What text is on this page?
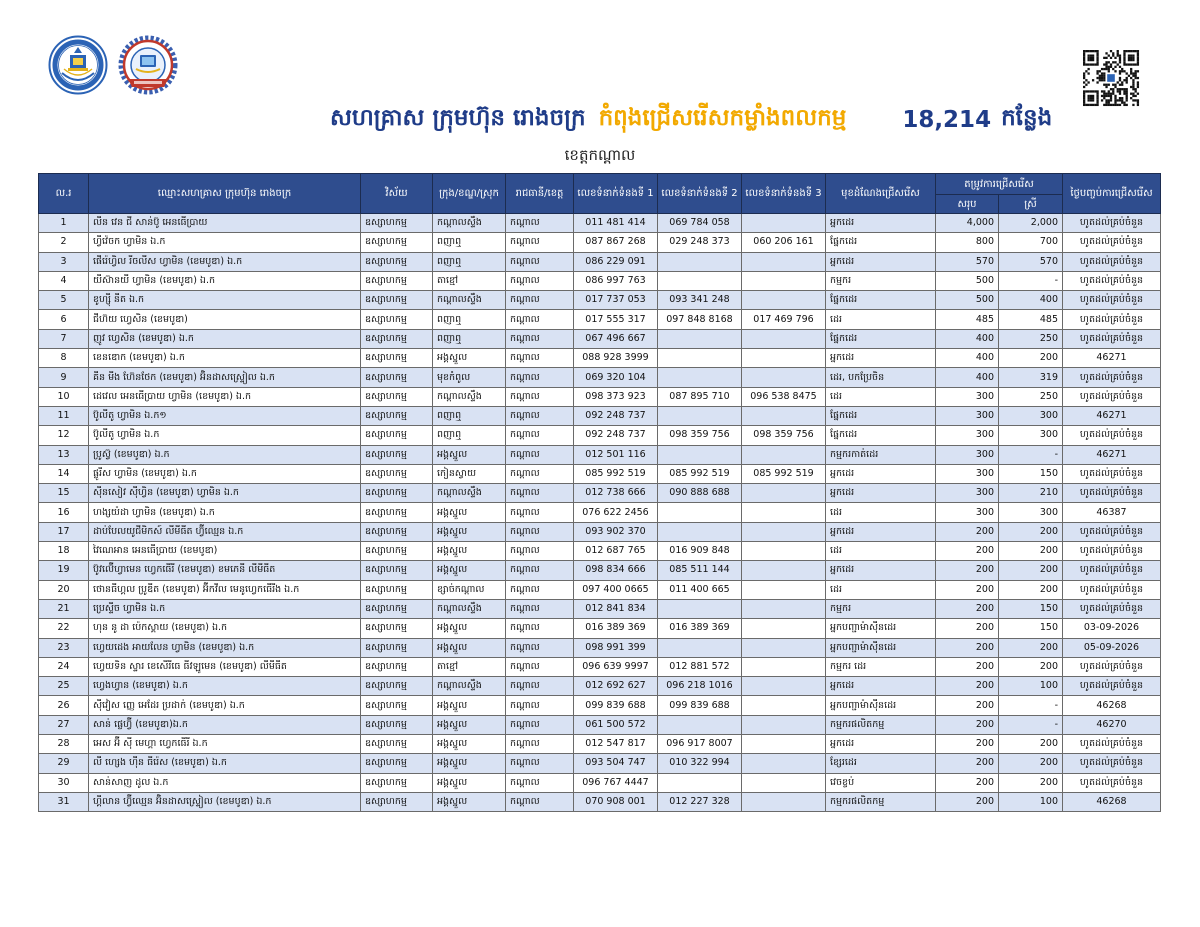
សហគ្រាស ក្រុមហ៊ុន រោងចក្រ កំពុងជ្រើសរើសកម្លាំងពលកម្ម 18,214 កន្លែង
ខេត្តកណ្ដាល
ល.រ	ឈ្មោះសហគ្រាស ក្រុមហ៊ុន រោងចក្រ	វិស័យ	ក្រុង/ខណ្ឌ/ស្រុក	រាជធានី/ខេត្ត	លេខទំនាក់ទំនងទី 1	លេខទំនាក់ទំនងទី 2	លេខទំនាក់ទំនងទី 3	មុខដំណែងជ្រើសរើស	តម្រូវការជ្រើសរើស		ថ្ងៃបញ្ចប់ការជ្រើសរើស
									សរុប	ស្រី	
1	លីន វេន ជី សាន់ប៊ូ អេនធើប្រាយ	ឧស្សាហកម្ម	កណ្ដាលស្ទឹង	កណ្ដាល	011 481 414	069 784 058		អ្នកដេរ	4,000	2,000	ហូតដល់គ្រប់ចំនួន
2	ហ្វីវ៉េចក ហ្វាមិន ឯ.ក	ឧស្សាហកម្ម	ពញាឮ	កណ្ដាល	087 867 268	029 248 373	060 206 161	ផ្នែកដេរ	800	700	ហូតដល់គ្រប់ចំនួន
3	ផើរ៉េហ្វិល រីចលីស ហ្វាមិន (ខេមបូឌា) ឯ.ក	ឧស្សាហកម្ម	ពញាឮ	កណ្ដាល	086 229 091			អ្នកដេរ	570	570	ហូតដល់គ្រប់ចំនួន
4	យីស៊ានយី ហ្វាមិន (ខេមបូឌា) ឯ.ក	ឧស្សាហកម្ម	តាខ្មៅ	កណ្ដាល	086 997 763			កម្មករ	500	-	ហូតដល់គ្រប់ចំនួន
5	ខូហ្ស៊ី នីត ឯ.ក	ឧស្សាហកម្ម	កណ្ដាលស្ទឹង	កណ្ដាល	017 737 053	093 341 248		ផ្នែកដេរ	500	400	ហូតដល់គ្រប់ចំនួន
6	ជីហ៊យ ហ្វេសិន (ខេមបូឌា)	ឧស្សាហកម្ម	ពញាឮ	កណ្ដាល	017 555 317	097 848 8168	017 469 796	ដេរ	485	485	ហូតដល់គ្រប់ចំនួន
7	ញូវ ហ្វេសិន (ខេមបូឌា) ឯ.ក	ឧស្សាហកម្ម	ពញាឮ	កណ្ដាល	067 496 667			ផ្នែកដេរ	400	250	ហូតដល់គ្រប់ចំនួន
8	ខេនឌោក (ខេមបូឌា) ឯ.ក	ឧស្សាហកម្ម	អង្គស្នួល	កណ្ដាល	088 928 3999			អ្នកដេរ	400	200	46271
9	គីន មីង ហ៊ែនថែក (ខេមបូឌា) អ៊ិនដាសស្ទ្រៀល ឯ.ក	ឧស្សាហកម្ម	មុខកំពូល	កណ្ដាល	069 320 104			ដេរ, បកប្រែចិន	400	319	ហូតដល់គ្រប់ចំនួន
10	ដេវេល អេនធើប្រាយ ហ្វាមិន (ខេមបូឌា) ឯ.ក	ឧស្សាហកម្ម	កណ្ដាលស្ទឹង	កណ្ដាល	098 373 923	087 895 710	096 538 8475	ដេរ	300	250	ហូតដល់គ្រប់ចំនួន
11	ប៊ូលីតូ ហ្វាមិន ឯ.ក១	ឧស្សាហកម្ម	ពញាឮ	កណ្ដាល	092 248 737			ផ្នែកដេរ	300	300	46271
12	ប៊ូលីតូ ហ្វាមិន ឯ.ក	ឧស្សាហកម្ម	ពញាឮ	កណ្ដាល	092 248 737	098 359 756	098 359 756	ផ្នែកដេរ	300	300	ហូតដល់គ្រប់ចំនួន
13	ប្រូស្វ៊ (ខេមបូឌា) ឯ.ក	ឧស្សាហកម្ម	អង្គស្នួល	កណ្ដាល	012 501 116			កម្មករកាត់ដេរ	300	-	46271
14	ផ្លូរីស ហ្វាមិន (ខេមបូឌា) ឯ.ក	ឧស្សាហកម្ម	កៀនស្វាយ	កណ្ដាល	085 992 519	085 992 519	085 992 519	អ្នកដេរ	300	150	ហូតដល់គ្រប់ចំនួន
15	ស៊ីនសៀវ ស៊ីហ្វិន (ខេមបូឌា) ហ្វាមិន ឯ.ក	ឧស្សាហកម្ម	កណ្ដាលស្ទឹង	កណ្ដាល	012 738 666	090 888 688		អ្នកដេរ	300	210	ហូតដល់គ្រប់ចំនួន
16	ហង្សយ៉ដា ហ្វាមិន (ខេមបូឌា) ឯ.ក	ឧស្សាហកម្ម	អង្គស្នួល	កណ្ដាល	076 622 2456			ដេរ	300	300	46387
17	ដាប់បែលយូជីមិកស៍ លីមីធីត ហ្វ៊ីឈ្មេន ឯ.ក	ឧស្សាហកម្ម	អង្គស្នួល	កណ្ដាល	093 902 370			អ្នកដេរ	200	200	ហូតដល់គ្រប់ចំនួន
18	វៃណេអាន អេនធើប្រាយ (ខេមបូឌា)	ឧស្សាហកម្ម	អង្គស្នួល	កណ្ដាល	012 687 765	016 909 848		ដេរ	200	200	ហូតដល់គ្រប់ចំនួន
19	ប៊ូវល៊ើហ្វាមេន ហ្វេកធើរី (ខេមបូឌា) ខមភេនី លីមីធីត	ឧស្សាហកម្ម	អង្គស្នួល	កណ្ដាល	098 834 666	085 511 144		អ្នកដេរ	200	200	ហូតដល់គ្រប់ចំនួន
20	ថោនធីហ្គល ប្រូឌីត (ខេមបូឌា) អ៊ីកវីល មេនូហ្វេកធើរីង ឯ.ក	ឧស្សាហកម្ម	ខ្សាច់កណ្ដាល	កណ្ដាល	097 400 0665	011 400 665		ដេរ	200	200	ហូតដល់គ្រប់ចំនួន
21	ប្រេស្ទីច ហ្វាមិន ឯ.ក	ឧស្សាហកម្ម	កណ្ដាលស្ទឹង	កណ្ដាល	012 841 834			កម្មករ	200	150	ហូតដល់គ្រប់ចំនួន
22	ហុន នូ ដា ប៉េកស្គាយ (ខេមបូឌា) ឯ.ក	ឧស្សាហកម្ម	អង្គស្នួល	កណ្ដាល	016 389 369	016 389 369		អ្នកបញ្ជាម៉ាស៊ីនដេរ	200	150	03-09-2026
23	ហ្វេយដេង អាយលែន ហ្វាមិន (ខេមបូឌា) ឯ.ក	ឧស្សាហកម្ម	អង្គស្នួល	កណ្ដាល	098 991 399			អ្នកបញ្ជាម៉ាស៊ីនដេរ	200	200	05-09-2026
24	ហ្វេយទិន ស្ទារ ខេសើរីធេ ធីវឡូមេន (ខេមបូឌា) លីមីធីត	ឧស្សាហកម្ម	តាខ្មៅ	កណ្ដាល	096 639 9997	012 881 572		កម្មករ ដេរ	200	200	ហូតដល់គ្រប់ចំនួន
25	ហ្វេងហ្វាន (ខេមបូឌា) ឯ.ក	ឧស្សាហកម្ម	កណ្ដាលស្ទឹង	កណ្ដាល	012 692 627	096 218 1016		អ្នកដេរ	200	100	ហូតដល់គ្រប់ចំនួន
26	ស៊ីវៀស ញ្ញេ អេដែរ ប្រដាក់ (ខេមបូឌា) ឯ.ក	ឧស្សាហកម្ម	អង្គស្នួល	កណ្ដាល	099 839 688	099 839 688		អ្នកបញ្ជាម៉ាស៊ីនដេរ	200	-	46268
27	សាន់ ផ្លេហ្វ៊ី (ខេមបូឌា)ឯ.ក	ឧស្សាហកម្ម	អង្គស្នួល	កណ្ដាល	061 500 572			កម្មករផលិតកម្ម	200	-	46270
28	អេស អ៊ី ស៊ី មេហ្គា ហ្វេកធើរី ឯ.ក	ឧស្សាហកម្ម	អង្គស្នួល	កណ្ដាល	012 547 817	096 917 8007		អ្នកដេរ	200	200	ហូតដល់គ្រប់ចំនួន
29	លី ហ្សេង ហ៊ីន ធីរ៉េស (ខេមបូឌា) ឯ.ក	ឧស្សាហកម្ម	អង្គស្នួល	កណ្ដាល	093 504 747	010 322 994		ខ្សែរដេរ	200	200	ហូតដល់គ្រប់ចំនួន
30	សាន់សាញ ដូល ឯ.ក	ឧស្សាហកម្ម	អង្គស្នួល	កណ្ដាល	096 767 4447			វេចខ្ចប់	200	200	ហូតដល់គ្រប់ចំនួន
31	ហ្គីលាន ហ្វ៊ីឈ្មេន អ៊ិនដាសស្ទ្រៀល (ខេមបូឌា) ឯ.ក	ឧស្សាហកម្ម	អង្គស្នួល	កណ្ដាល	070 908 001	012 227 328		កម្មករផលិតកម្ម	200	100	46268
